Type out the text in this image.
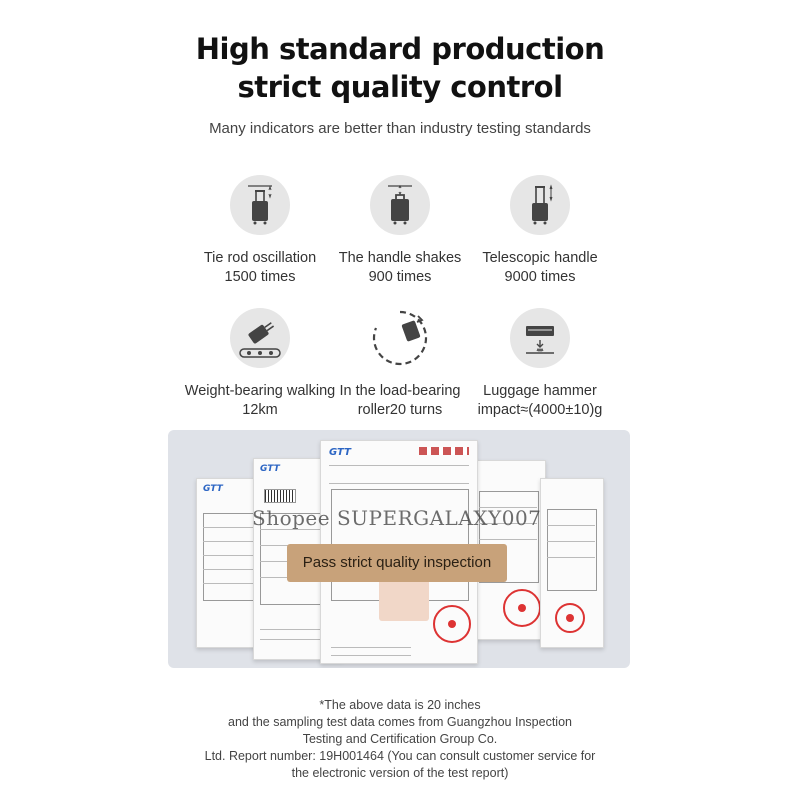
High standard production
strict quality control
Many indicators are better than industry testing standards
Tie rod oscillation
1500 times
The handle shakes
900 times
Telescopic handle
9000 times
Weight-bearing walking
12km
In the load-bearing
roller20 turns
Luggage hammer
impact≈(4000±10)g
GTT
GTT
GTT
Shopee SUPERGALAXY007
Pass strict quality inspection
*The above data is 20 inches
and the sampling test data comes from Guangzhou Inspection
Testing and Certification Group Co.
Ltd. Report number: 19H001464 (You can consult customer service for
the electronic version of the test report)
